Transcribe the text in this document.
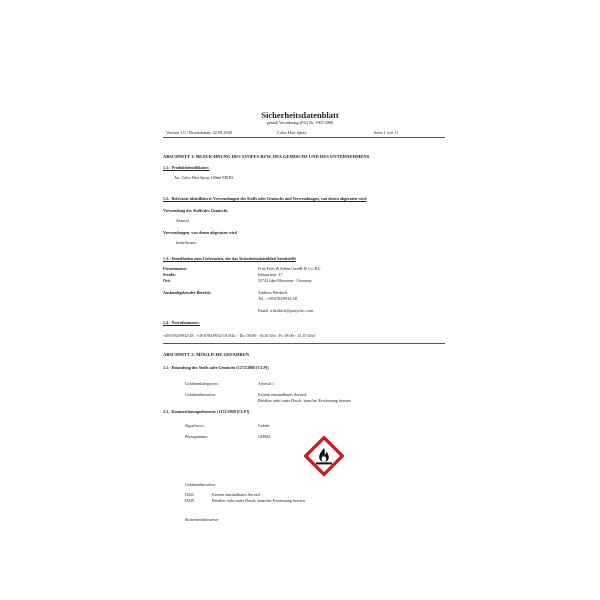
Sicherheitsdatenblatt
gemäß Verordnung (EG) Nr. 1907/2006
Version 1.0 / Druckdatum: 02.09.2020	Color Hair Spray	Seite 1 von 11
ABSCHNITT 1: BEZEICHNUNG DES STOFFS BZW. DES GEMISCHS UND DES UNTERNEHMENS
1.1.- Produktidentifikator:
Art. Color Hair Spray 100ml FRIES
1.2.- Relevante identifizierte Verwendungen des Stoffs oder Gemischs und Verwendungen, von denen abgeraten wird
Verwendung des Stoffs/des Gemischs
Aerosol
Verwendungen, von denen abgeraten wird
keine/keiner
1.3.- Einzelheiten zum Lieferanten, der das Sicherheitsdatenblatt bereitstellt
Firmenname:	Fritz Fries & Söhne GmbH & Co. KG
Straße:	Industriestr. 17
Ort:	55743 Idar-Oberstein - Germany
Auskunftgebender Bereich:	Andreas Heidrich
Tel.: +49 6784/9932-28
Email: a.heidrich@partychic.com
1.4.- Notrufnummer:
+49 6784/9932-28 ; +49 6784/9932-18 (Mo. - Do. 08:00 - 16.30 Uhr ; Fr. 08.00 - 13.15 Uhr)
ABSCHNITT 2: MÖGLICHE GEFAHREN
2.1.- Einstufung des Stoffs oder Gemischs (1272/2008 [CLP])
Gefahrenkategorien:	Aerosol 1
Gefahrenhinweise:	Extrem entzündbares Aerosol.
Behälter steht unter Druck: kann bei Erwärmung bersten.
2.2.- Kennzeichnungselemente (1272/2008 [CLP])
Signalwort :	Gefahr
Piktogramme:	GHS02
Gefahrenhinweise:
H222	Extrem entzündbares Aerosol
H229	Behälter steht unter Druck: kann bei Erwärmung bersten
Sicherheitshinweise:
